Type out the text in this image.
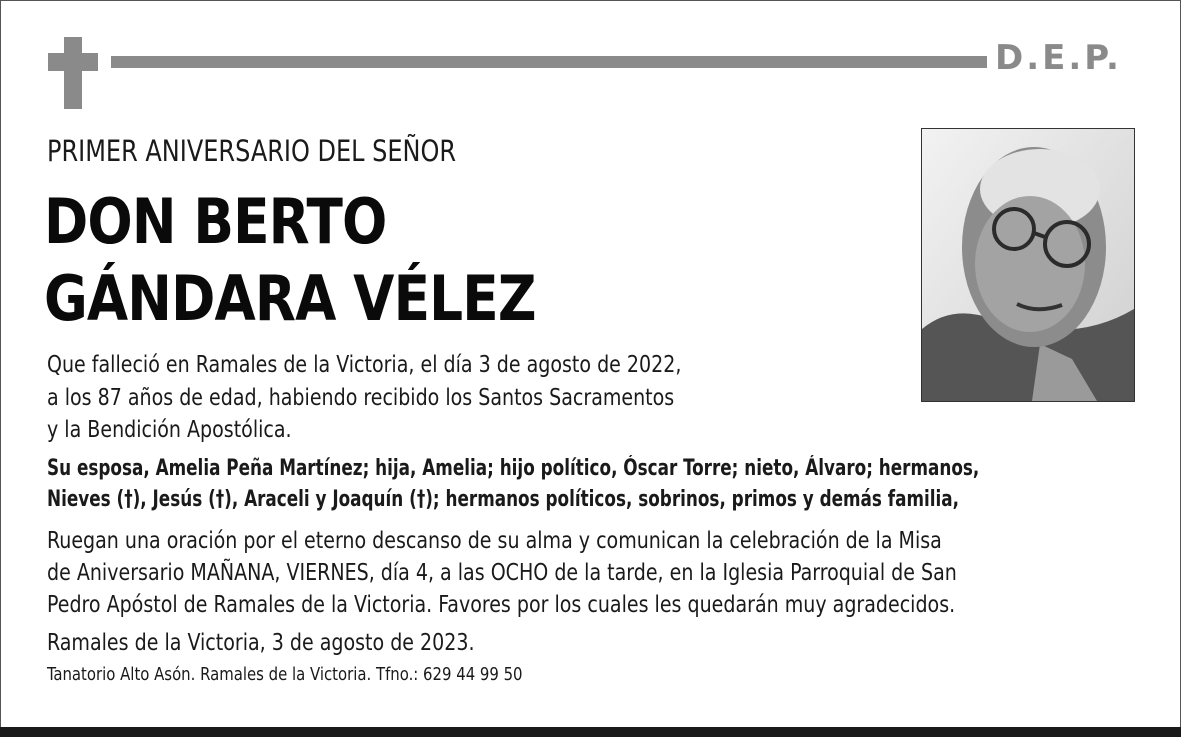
D.E.P.
PRIMER ANIVERSARIO DEL SEÑOR
DON BERTO
GÁNDARA VÉLEZ
Que falleció en Ramales de la Victoria, el día 3 de agosto de 2022,
a los 87 años de edad, habiendo recibido los Santos Sacramentos
y la Bendición Apostólica.
Su esposa, Amelia Peña Martínez; hija, Amelia; hijo político, Óscar Torre; nieto, Álvaro; hermanos,
Nieves (†), Jesús (†), Araceli y Joaquín (†); hermanos políticos, sobrinos, primos y demás familia,
Ruegan una oración por el eterno descanso de su alma y comunican la celebración de la Misa
de Aniversario MAÑANA, VIERNES, día 4, a las OCHO de la tarde, en la Iglesia Parroquial de San
Pedro Apóstol de Ramales de la Victoria. Favores por los cuales les quedarán muy agradecidos.
Ramales de la Victoria, 3 de agosto de 2023.
Tanatorio Alto Asón. Ramales de la Victoria. Tfno.: 629 44 99 50
